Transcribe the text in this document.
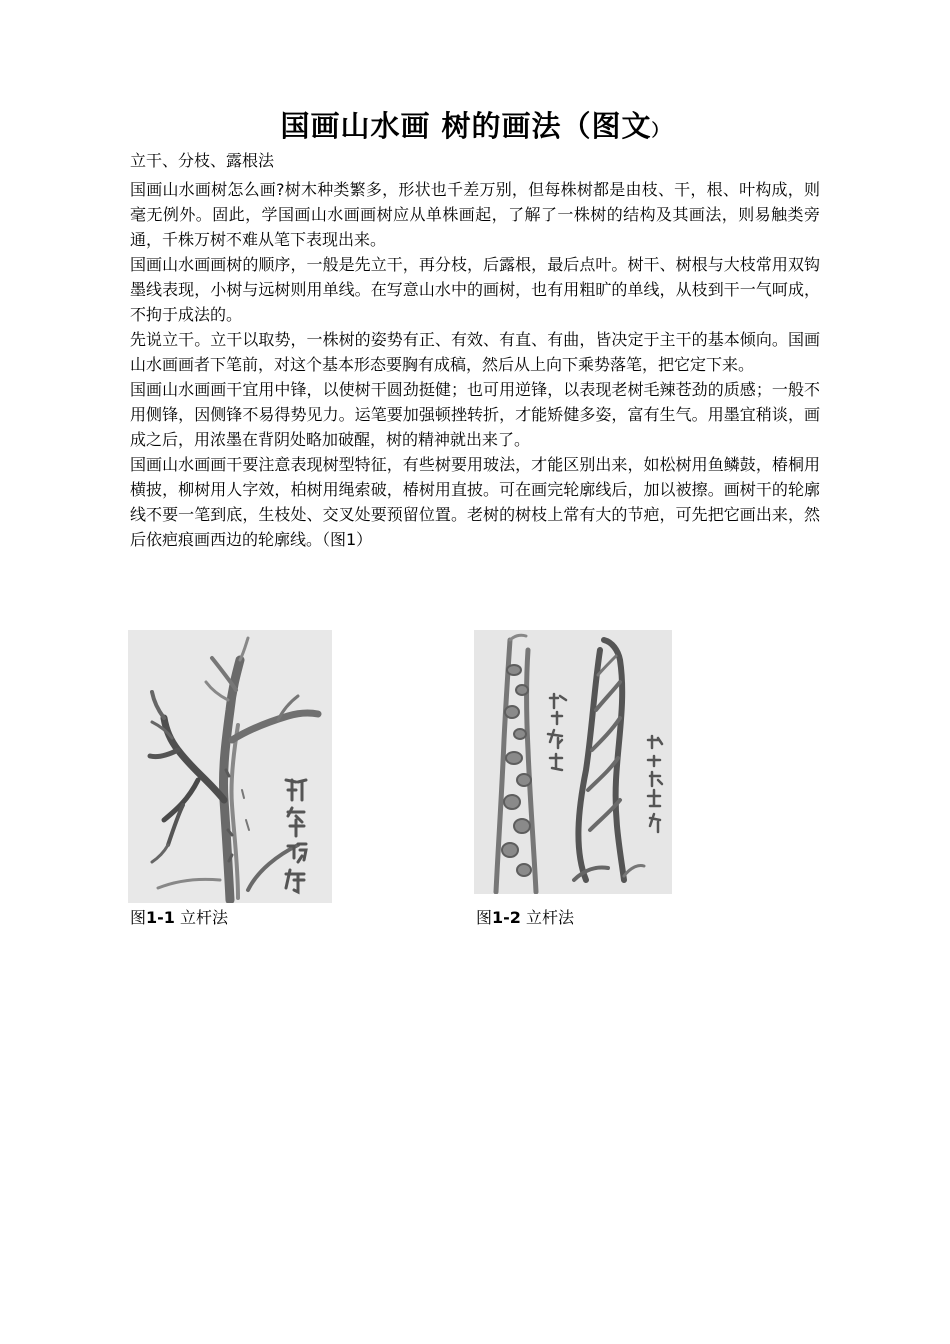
国画山水画 树的画法（图文）
立干、分枝、露根法

国画山水画树怎么画?树木种类繁多，形状也千差万别，但每株树都是由枝、干，根、叶构成，则毫无例外。固此，学国画山水画画树应从单株画起，了解了一株树的结构及其画法，则易触类旁通，千株万树不难从笔下表现出来。

国画山水画画树的顺序，一般是先立干，再分枝，后露根，最后点叶。树干、树根与大枝常用双钩墨线表现，小树与远树则用单线。在写意山水中的画树，也有用粗旷的单线，从枝到干一气呵成，不拘于成法的。

先说立干。立干以取势，一株树的姿势有正、有效、有直、有曲，皆决定于主干的基本倾向。国画山水画画者下笔前，对这个基本形态要胸有成稿，然后从上向下乘势落笔，把它定下来。

国画山水画画干宜用中锋，以使树干圆劲挺健；也可用逆锋，以表现老树毛辣苍劲的质感；一般不用侧锋，因侧锋不易得势见力。运笔要加强顿挫转折，才能矫健多姿，富有生气。用墨宜稍谈，画成之后，用浓墨在背阴处略加破醒，树的精神就出来了。

国画山水画画干要注意表现树型特征，有些树要用玻法，才能区别出来，如松树用鱼鳞鼓，椿桐用横披，柳树用人字效，柏树用绳索破，椿树用直披。可在画完轮廓线后，加以被擦。画树干的轮廓线不要一笔到底，生枝处、交叉处要预留位置。老树的树枝上常有大的节疤，可先把它画出来，然后依疤痕画西边的轮廓线。（图1）

图1-1 立杆法	图1-2 立杆法
